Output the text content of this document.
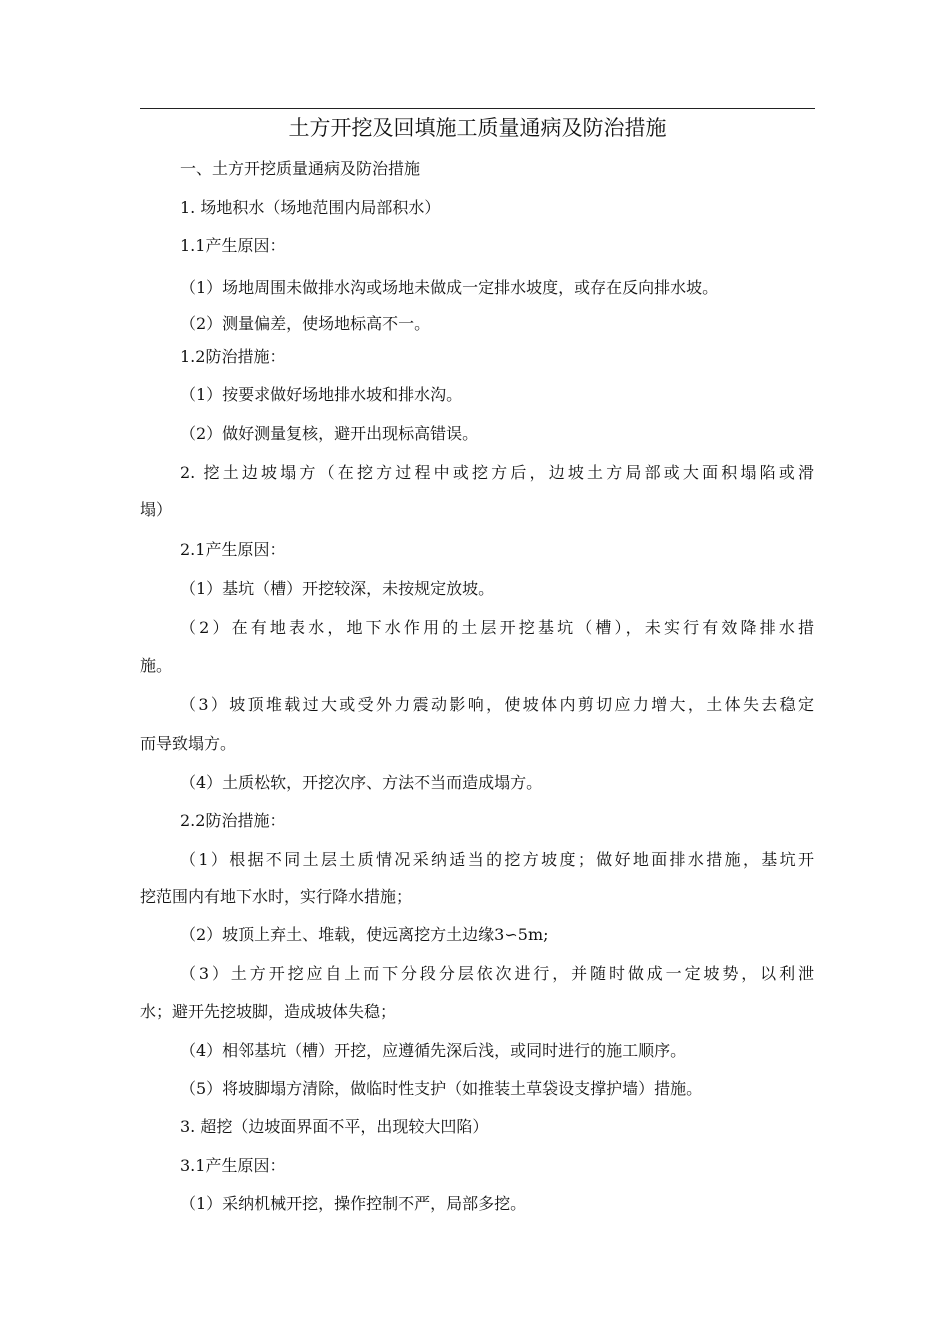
土方开挖及回填施工质量通病及防治措施
一、土方开挖质量通病及防治措施
1. 场地积水（场地范围内局部积水）
1.1产生原因：
（1）场地周围未做排水沟或场地未做成一定排水坡度，或存在反向排水坡。
（2）测量偏差，使场地标高不一。
1.2防治措施：
（1）按要求做好场地排水坡和排水沟。
（2）做好测量复核，避开出现标高错误。
2. 挖土边坡塌方（在挖方过程中或挖方后，边坡土方局部或大面积塌陷或滑
塌）
2.1产生原因：
（1）基坑（槽）开挖较深，未按规定放坡。
（2）在有地表水，地下水作用的土层开挖基坑（槽），未实行有效降排水措
施。
（3）坡顶堆载过大或受外力震动影响，使坡体内剪切应力增大，土体失去稳定
而导致塌方。
（4）土质松软，开挖次序、方法不当而造成塌方。
2.2防治措施：
（1）根据不同土层土质情况采纳适当的挖方坡度；做好地面排水措施，基坑开
挖范围内有地下水时，实行降水措施；
（2）坡顶上弃土、堆载，使远离挖方土边缘3∽5m;
（3）土方开挖应自上而下分段分层依次进行，并随时做成一定坡势，以利泄
水；避开先挖坡脚，造成坡体失稳；
（4）相邻基坑（槽）开挖，应遵循先深后浅，或同时进行的施工顺序。
（5）将坡脚塌方清除，做临时性支护（如推装土草袋设支撑护墙）措施。
3. 超挖（边坡面界面不平，出现较大凹陷）
3.1产生原因：
（1）采纳机械开挖，操作控制不严，局部多挖。
